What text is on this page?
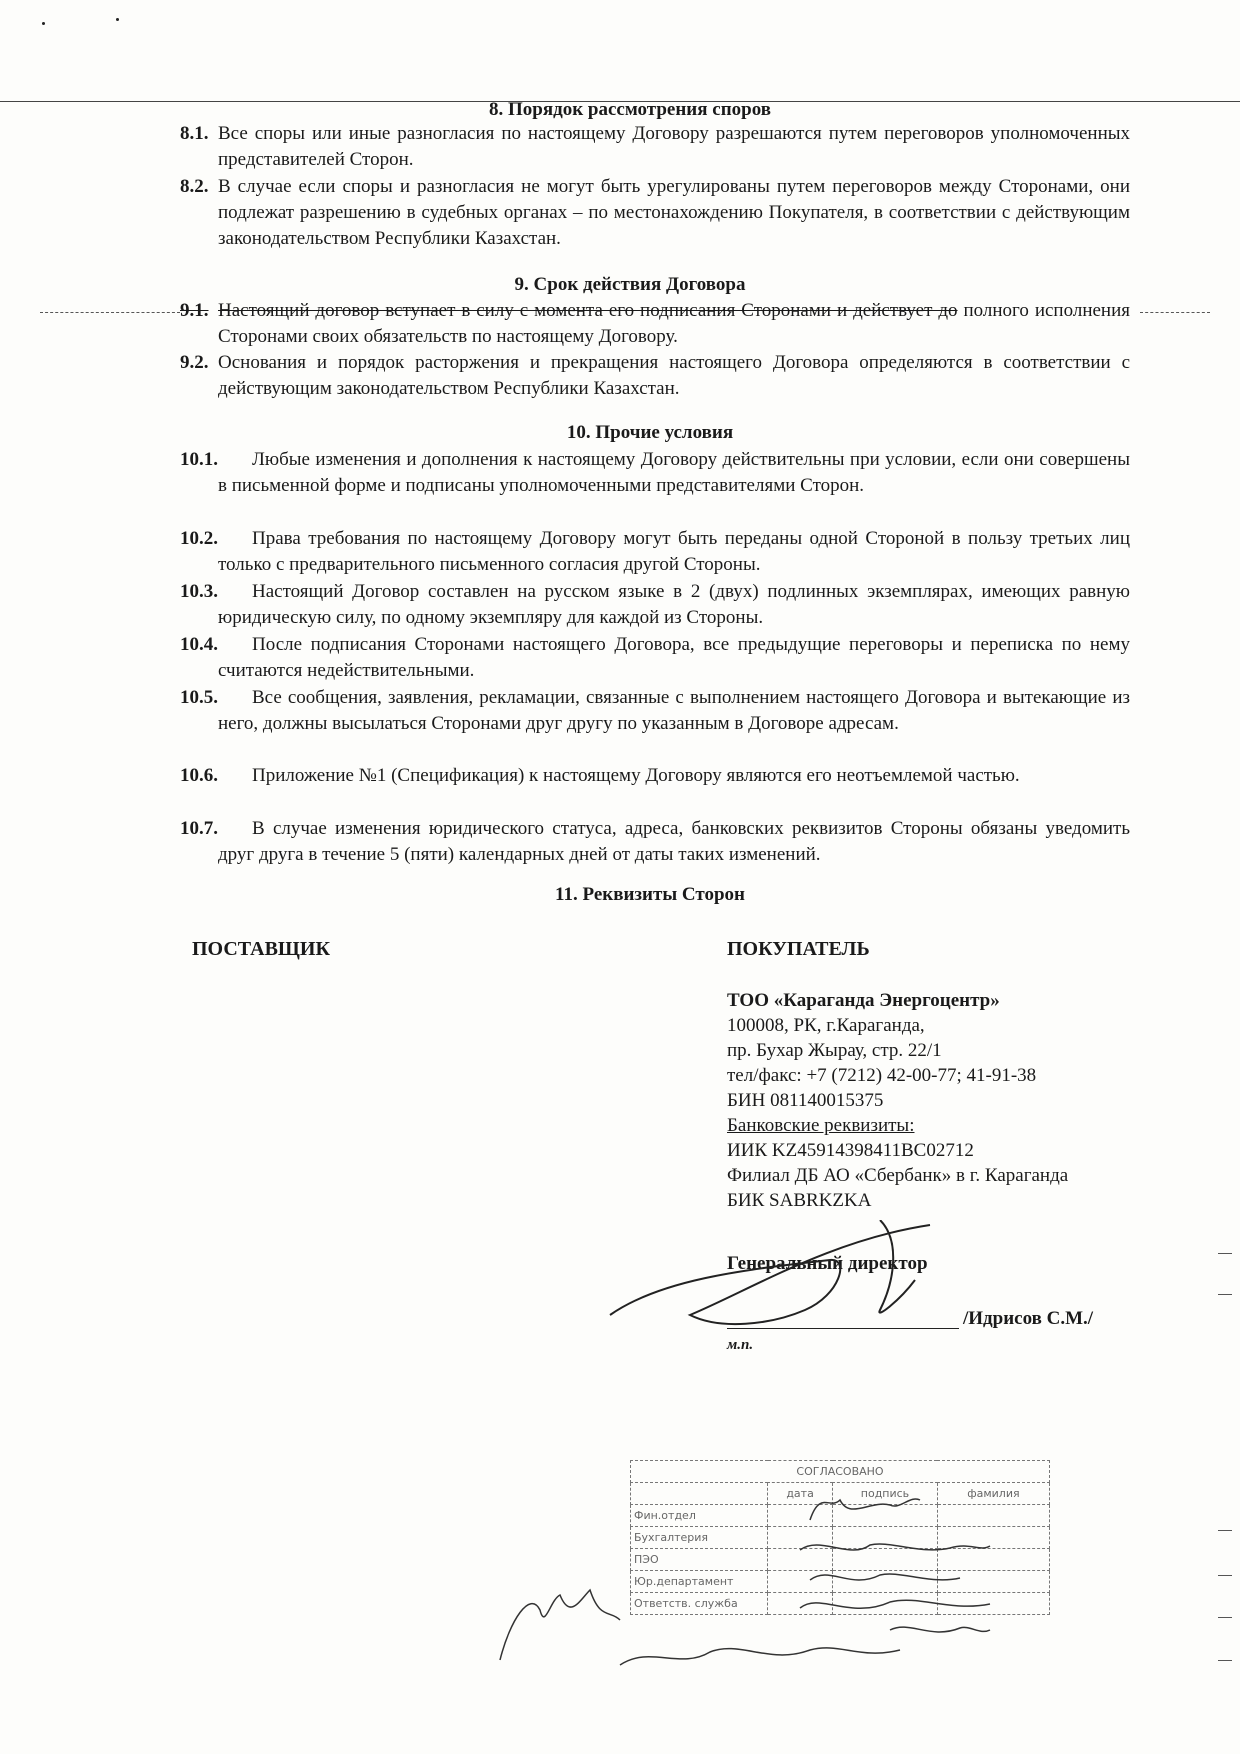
8. Порядок рассмотрения споров
8.1. Все споры или иные разногласия по настоящему Договору разрешаются путем переговоров уполномоченных представителей Сторон.
8.2. В случае если споры и разногласия не могут быть урегулированы путем переговоров между Сторонами, они подлежат разрешению в судебных органах – по местонахождению Покупателя, в соответствии с действующим законодательством Республики Казахстан.
9. Срок действия Договора
9.1. Настоящий договор вступает в силу с момента его подписания Сторонами и действует до полного исполнения Сторонами своих обязательств по настоящему Договору.
9.2. Основания и порядок расторжения и прекращения настоящего Договора определяются в соответствии с действующим законодательством Республики Казахстан.
10. Прочие условия
10.1.	Любые изменения и дополнения к настоящему Договору действительны при условии, если они совершены в письменной форме и подписаны уполномоченными представителями Сторон.
10.2.	Права требования по настоящему Договору могут быть переданы одной Стороной в пользу третьих лиц только с предварительного письменного согласия другой Стороны.
10.3.	Настоящий Договор составлен на русском языке в 2 (двух) подлинных экземплярах, имеющих равную юридическую силу, по одному экземпляру для каждой из Стороны.
10.4.	После подписания Сторонами настоящего Договора, все предыдущие переговоры и переписка по нему считаются недействительными.
10.5.	Все сообщения, заявления, рекламации, связанные с выполнением настоящего Договора и вытекающие из него, должны высылаться Сторонами друг другу по указанным в Договоре адресам.
10.6.	Приложение №1 (Спецификация) к настоящему Договору являются его неотъемлемой частью.
10.7.	В случае изменения юридического статуса, адреса, банковских реквизитов Стороны обязаны уведомить друг друга в течение 5 (пяти) календарных дней от даты таких изменений.
11. Реквизиты Сторон
ПОСТАВЩИК	ПОКУПАТЕЛЬ
ТОО «Караганда Энергоцентр»
100008, РК, г.Караганда,
пр. Бухар Жырау, стр. 22/1
тел/факс: +7 (7212) 42-00-77; 41-91-38
БИН 081140015375
Банковские реквизиты:
ИИК KZ45914398411BC02712
Филиал ДБ АО «Сбербанк» в г. Караганда
БИК SABRKZKA
Генеральный директор
/Идрисов С.М./
м.п.
СОГЛАСОВАНО			
	дата	подпись	фамилия
Фин.отдел			
Бухгалтерия			
ПЭО			
Юр.департамент			
Ответств. служба			
